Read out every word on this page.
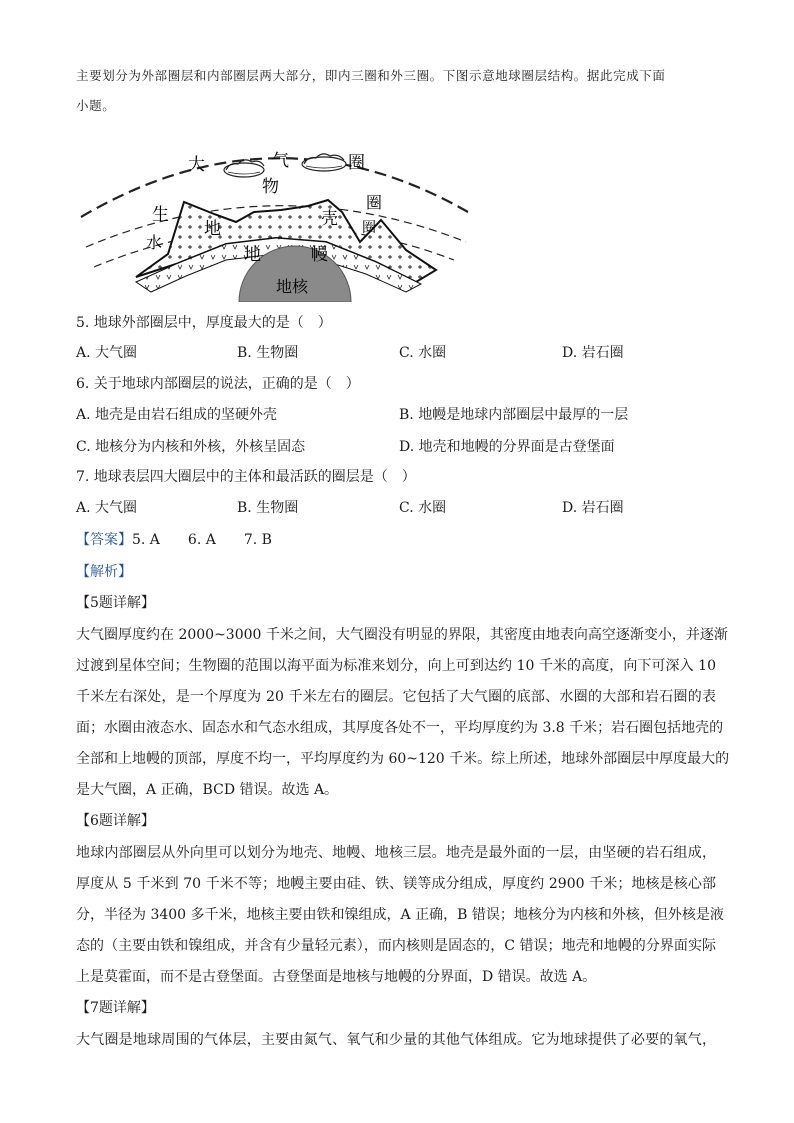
主要划分为外部圈层和内部圈层两大部分，即内三圈和外三圈。下图示意地球圈层结构。据此完成下面
小题。
大	气	圈
物
生
圈
水
地	壳 圈
地	幔
地核
5. 地球外部圈层中，厚度最大的是（　）
A. 大气圈	B. 生物圈	C. 水圈	D. 岩石圈
6. 关于地球内部圈层的说法，正确的是（　）
A. 地壳是由岩石组成的坚硬外壳	B. 地幔是地球内部圈层中最厚的一层
C. 地核分为内核和外核，外核呈固态	D. 地壳和地幔的分界面是古登堡面
7. 地球表层四大圈层中的主体和最活跃的圈层是（　）
A. 大气圈	B. 生物圈	C. 水圈	D. 岩石圈
【答案】5. A　　6. A　　7. B
【解析】
【5题详解】
大气圈厚度约在 2000~3000 千米之间，大气圈没有明显的界限，其密度由地表向高空逐渐变小，并逐渐
过渡到星体空间；生物圈的范围以海平面为标准来划分，向上可到达约 10 千米的高度，向下可深入 10
千米左右深处，是一个厚度为 20 千米左右的圈层。它包括了大气圈的底部、水圈的大部和岩石圈的表
面；水圈由液态水、固态水和气态水组成，其厚度各处不一，平均厚度约为 3.8 千米；岩石圈包括地壳的
全部和上地幔的顶部，厚度不均一，平均厚度约为 60~120 千米。综上所述，地球外部圈层中厚度最大的
是大气圈，A 正确，BCD 错误。故选 A。
【6题详解】
地球内部圈层从外向里可以划分为地壳、地幔、地核三层。地壳是最外面的一层，由坚硬的岩石组成，
厚度从 5 千米到 70 千米不等；地幔主要由硅、铁、镁等成分组成，厚度约 2900 千米；地核是核心部
分，半径为 3400 多千米，地核主要由铁和镍组成，A 正确，B 错误；地核分为内核和外核，但外核是液
态的（主要由铁和镍组成，并含有少量轻元素），而内核则是固态的，C 错误；地壳和地幔的分界面实际
上是莫霍面，而不是古登堡面。古登堡面是地核与地幔的分界面，D 错误。故选 A。
【7题详解】
大气圈是地球周围的气体层，主要由氮气、氧气和少量的其他气体组成。它为地球提供了必要的氧气，
